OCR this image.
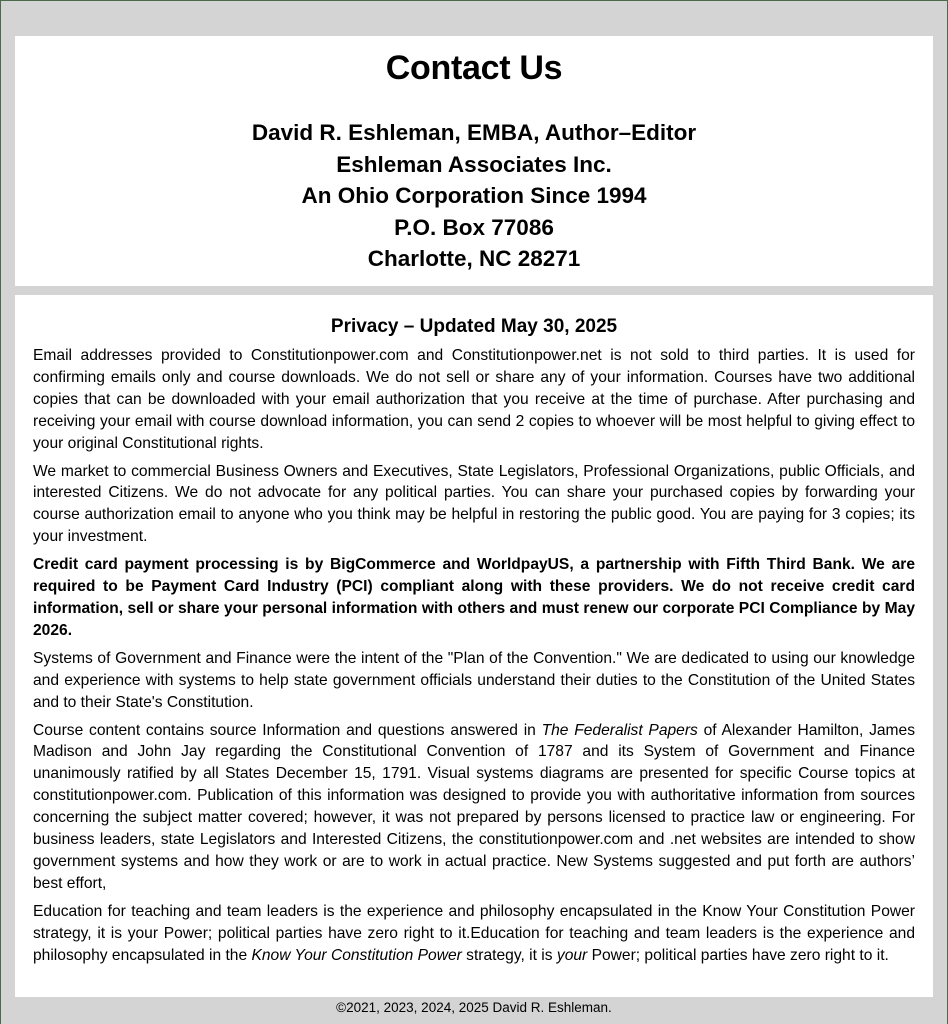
Contact Us
David R. Eshleman, EMBA, Author–Editor
Eshleman Associates Inc.
An Ohio Corporation Since 1994
P.O. Box 77086
Charlotte, NC 28271
Privacy – Updated May 30, 2025

Email addresses provided to Constitutionpower.com and Constitutionpower.net is not sold to third parties. It is used for confirming emails only and course downloads. We do not sell or share any of your information. Courses have two additional copies that can be downloaded with your email authorization that you receive at the time of purchase. After purchasing and receiving your email with course download information, you can send 2 copies to whoever will be most helpful to giving effect to your original Constitutional rights.

We market to commercial Business Owners and Executives, State Legislators, Professional Organizations, public Officials, and interested Citizens. We do not advocate for any political parties. You can share your purchased copies by forwarding your course authorization email to anyone who you think may be helpful in restoring the public good. You are paying for 3 copies; its your investment.

Credit card payment processing is by BigCommerce and WorldpayUS, a partnership with Fifth Third Bank. We are required to be Payment Card Industry (PCI) compliant along with these providers. We do not receive credit card information, sell or share your personal information with others and must renew our corporate PCI Compliance by May 2026.

Systems of Government and Finance were the intent of the "Plan of the Convention." We are dedicated to using our knowledge and experience with systems to help state government officials understand their duties to the Constitution of the United States and to their State's Constitution.

Course content contains source Information and questions answered in The Federalist Papers of Alexander Hamilton, James Madison and John Jay regarding the Constitutional Convention of 1787 and its System of Government and Finance unanimously ratified by all States December 15, 1791. Visual systems diagrams are presented for specific Course topics at constitutionpower.com. Publication of this information was designed to provide you with authoritative information from sources concerning the subject matter covered; however, it was not prepared by persons licensed to practice law or engineering. For business leaders, state Legislators and Interested Citizens, the constitutionpower.com and .net websites are intended to show government systems and how they work or are to work in actual practice. New Systems suggested and put forth are authors’ best effort,

Education for teaching and team leaders is the experience and philosophy encapsulated in the Know Your Constitution Power strategy, it is your Power; political parties have zero right to it.Education for teaching and team leaders is the experience and philosophy encapsulated in the Know Your Constitution Power strategy, it is your Power; political parties have zero right to it.

©2021, 2023, 2024, 2025 David R. Eshleman.
